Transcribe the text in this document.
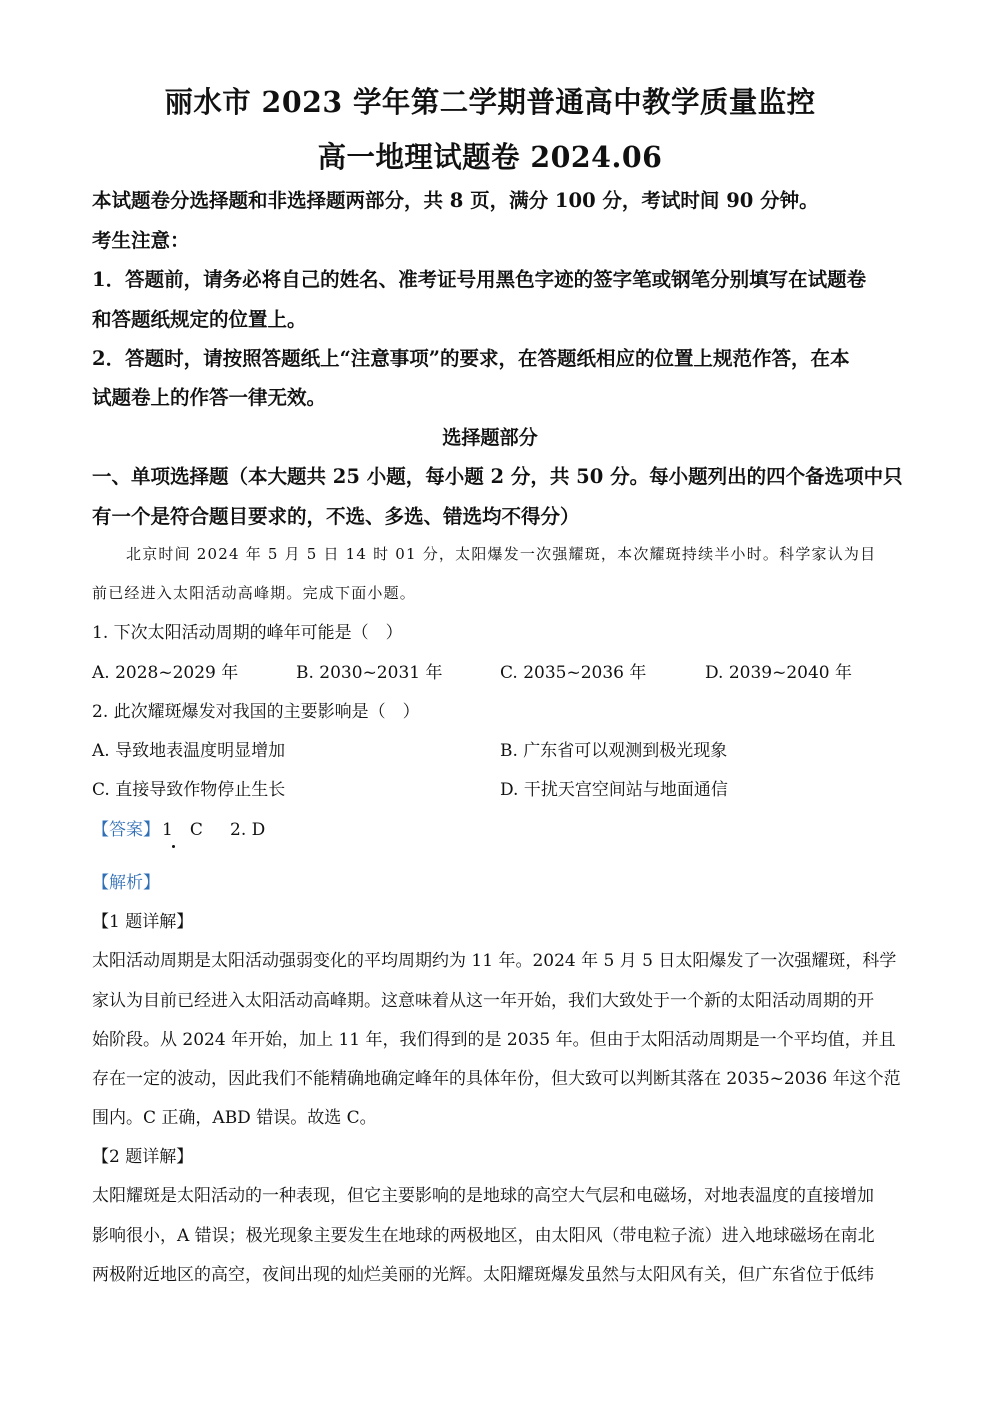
丽水市 2023 学年第二学期普通高中教学质量监控
高一地理试题卷 2024.06
本试题卷分选择题和非选择题两部分，共 8 页，满分 100 分，考试时间 90 分钟。
考生注意：
1．答题前，请务必将自己的姓名、准考证号用黑色字迹的签字笔或钢笔分别填写在试题卷
和答题纸规定的位置上。
2．答题时，请按照答题纸上“注意事项”的要求，在答题纸相应的位置上规范作答，在本
试题卷上的作答一律无效。
选择题部分
一、单项选择题（本大题共 25 小题，每小题 2 分，共 50 分。每小题列出的四个备选项中只
有一个是符合题目要求的，不选、多选、错选均不得分）
北京时间 2024 年 5 月 5 日 14 时 01 分，太阳爆发一次强耀斑，本次耀斑持续半小时。科学家认为目
前已经进入太阳活动高峰期。完成下面小题。
1. 下次太阳活动周期的峰年可能是（　）
A. 2028~2029 年	B. 2030~2031 年	C. 2035~2036 年	D. 2039~2040 年
2. 此次耀斑爆发对我国的主要影响是（　）
A. 导致地表温度明显增加	B. 广东省可以观测到极光现象
C. 直接导致作物停止生长	D. 干扰天宫空间站与地面通信
【答案】 1　C 2. D
【解析】
【1 题详解】
太阳活动周期是太阳活动强弱变化的平均周期约为 11 年。2024 年 5 月 5 日太阳爆发了一次强耀斑，科学
家认为目前已经进入太阳活动高峰期。这意味着从这一年开始，我们大致处于一个新的太阳活动周期的开
始阶段。从 2024 年开始，加上 11 年，我们得到的是 2035 年。但由于太阳活动周期是一个平均值，并且
存在一定的波动，因此我们不能精确地确定峰年的具体年份，但大致可以判断其落在 2035~2036 年这个范
围内。C 正确，ABD 错误。故选 C。
【2 题详解】
太阳耀斑是太阳活动的一种表现，但它主要影响的是地球的高空大气层和电磁场，对地表温度的直接增加
影响很小，A 错误；极光现象主要发生在地球的两极地区，由太阳风（带电粒子流）进入地球磁场在南北
两极附近地区的高空，夜间出现的灿烂美丽的光辉。太阳耀斑爆发虽然与太阳风有关，但广东省位于低纬
